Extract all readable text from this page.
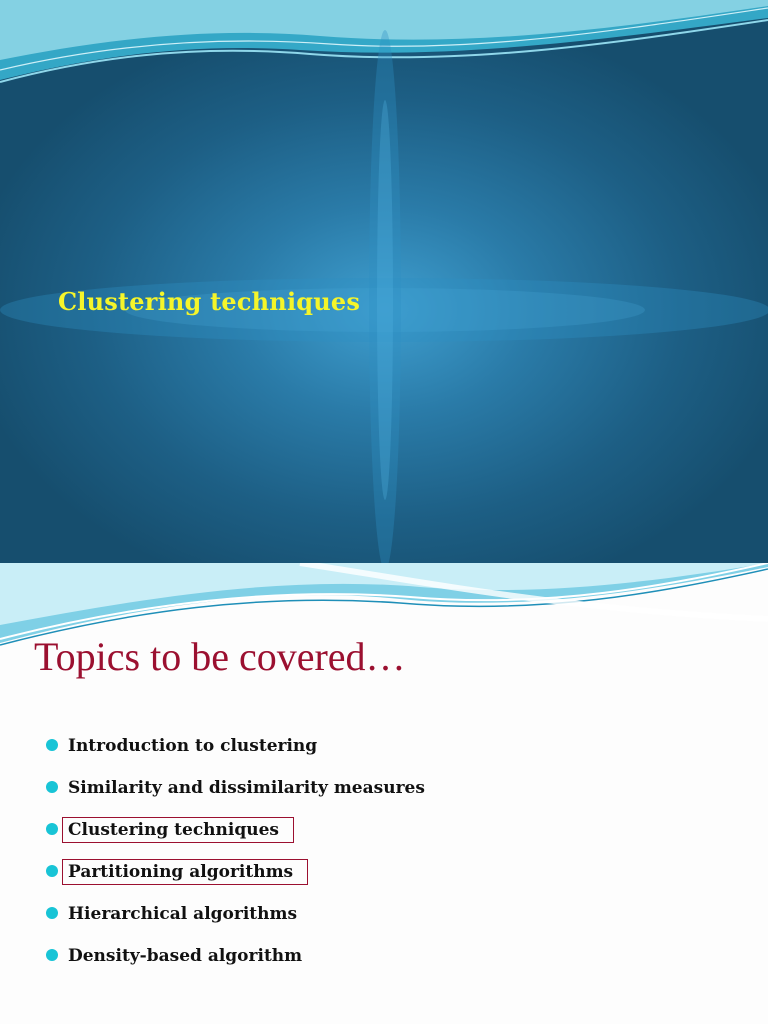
Clustering techniques
Topics to be covered…
Introduction to clustering
Similarity and dissimilarity measures
Clustering techniques
Partitioning algorithms
Hierarchical algorithms
Density-based algorithm
